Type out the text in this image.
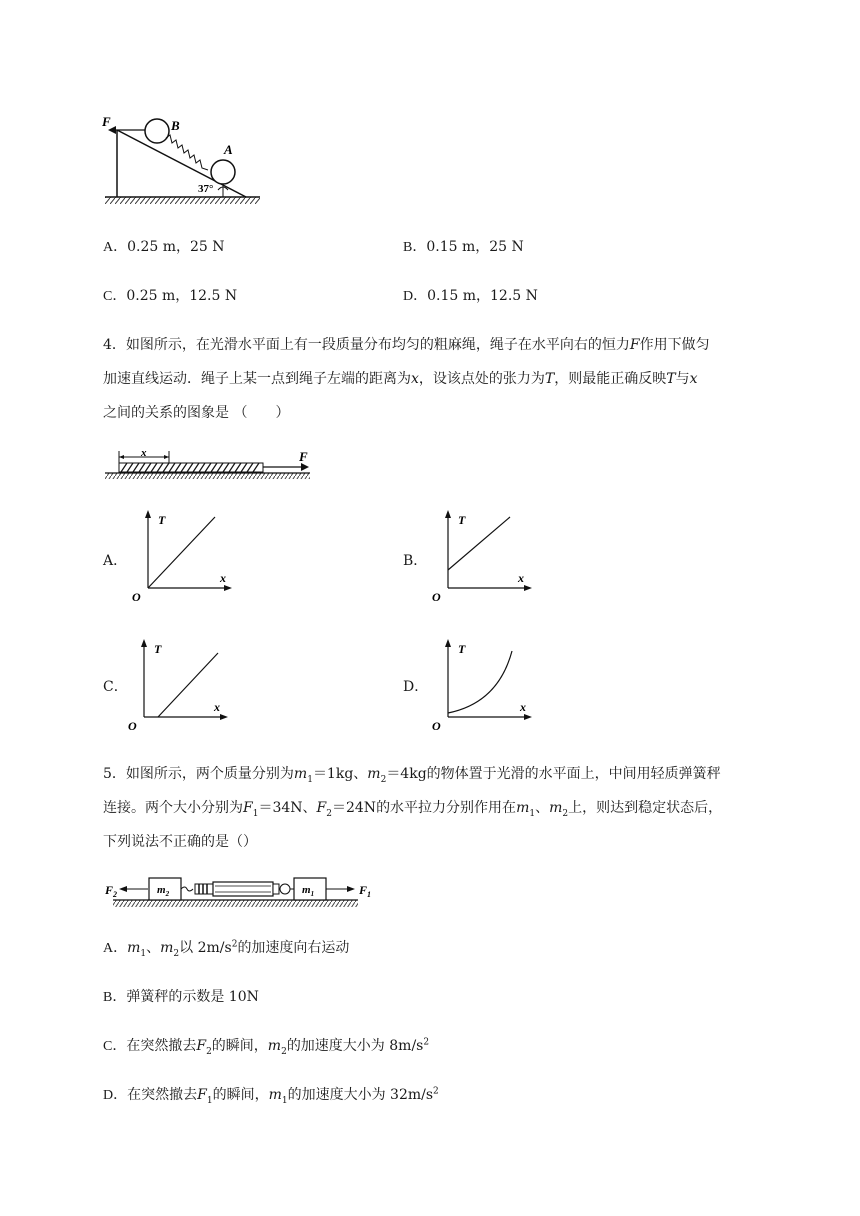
F	B
A
37°
A．0.25 m，25 N	B．0.15 m，25 N
C．0.25 m，12.5 N	D．0.15 m，12.5 N
4．如图所示，在光滑水平面上有一段质量分布均匀的粗麻绳，绳子在水平向右的恒力F作用下做匀
加速直线运动．绳子上某一点到绳子左端的距离为x，设该点处的张力为T，则最能正确反映T与x
之间的关系的图象是 （　　）
x	F
A．
T
x
O
B．
T
x
O
C．
T
x
O
D．
T
x
O
5．如图所示，两个质量分别为$m_1=1kg$、$m_2=4kg$的物体置于光滑的水平面上，中间用轻质弹簧秤
连接。两个大小分别为$F_1=34N$、$F_2=24N$的水平拉力分别作用在$m_1$、$m_2$上，则达到稳定状态后，
下列说法不正确的是（）
$F_2$	$m_2$	$m_1$	$F_1$
A．$m_1$、$m_2$以 $2m/s^2$的加速度向右运动
B．弹簧秤的示数是 10N
C．在突然撤去$F_2$的瞬间，$m_2$的加速度大小为 $8m/s^2$
D．在突然撤去$F_1$的瞬间，$m_1$的加速度大小为 $32m/s^2$
